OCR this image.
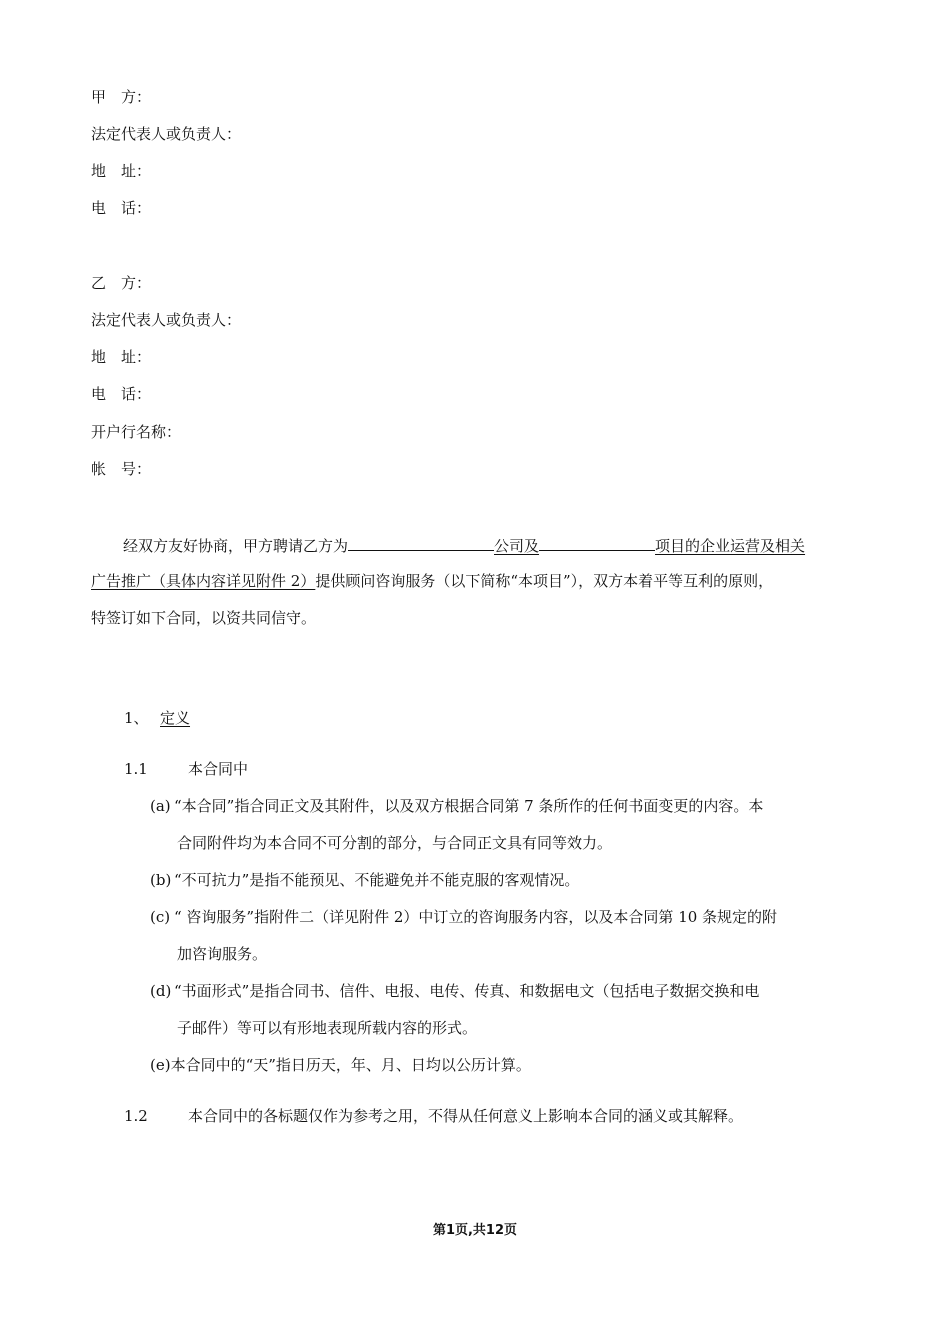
甲　方：
法定代表人或负责人：
地　址：
电　话：
乙　方：
法定代表人或负责人：
地　址：
电　话：
开户行名称：
帐　号：
经双方友好协商，甲方聘请乙方为	公司及	项目的企业运营及相关
广告推广（具体内容详见附件 2）提供顾问咨询服务（以下简称“本项目”），双方本着平等互利的原则，
特签订如下合同，以资共同信守。
1、 定义
1.1	本合同中
(a) “本合同”指合同正文及其附件，以及双方根据合同第 7 条所作的任何书面变更的内容。本
合同附件均为本合同不可分割的部分，与合同正文具有同等效力。
(b) “不可抗力”是指不能预见、不能避免并不能克服的客观情况。
(c) “ 咨询服务”指附件二（详见附件 2）中订立的咨询服务内容，以及本合同第 10 条规定的附
加咨询服务。
(d) “书面形式”是指合同书、信件、电报、电传、传真、和数据电文（包括电子数据交换和电
子邮件）等可以有形地表现所载内容的形式。
(e)本合同中的“天”指日历天，年、月、日均以公历计算。
1.2	本合同中的各标题仅作为参考之用，不得从任何意义上影响本合同的涵义或其解释。
第1页,共12页
